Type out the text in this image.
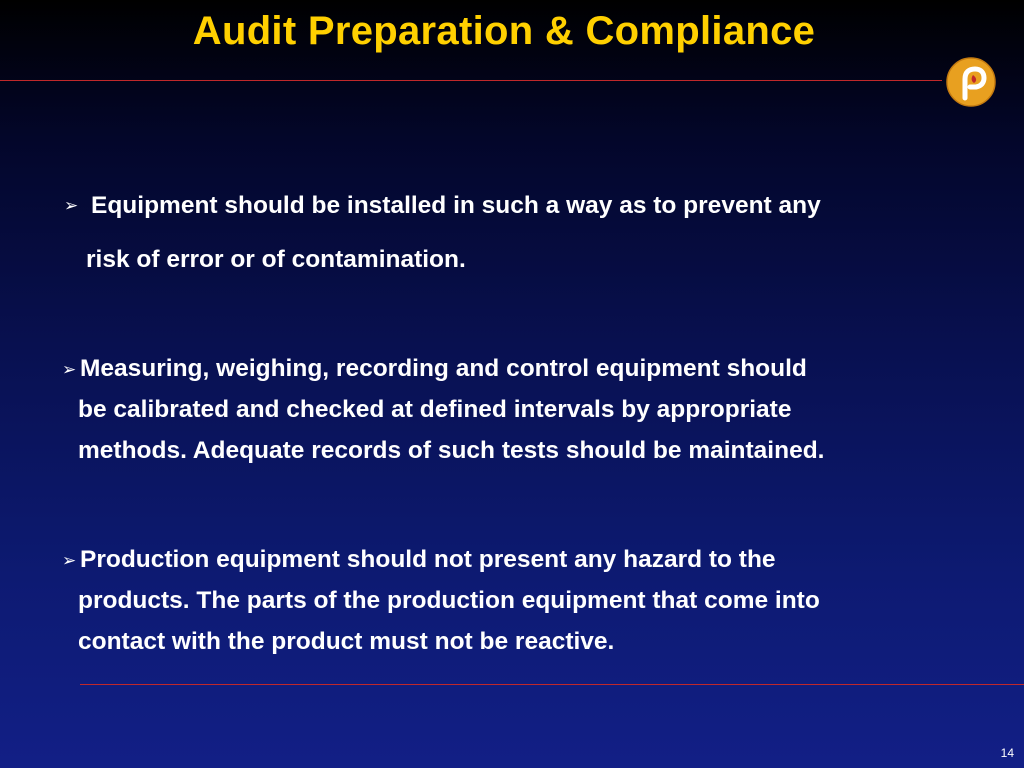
Audit Preparation & Compliance
➢ Equipment should be installed in such a way as to prevent any
risk of error or of contamination.
➢ Measuring, weighing, recording and control equipment should
be calibrated and checked at defined intervals by appropriate
methods. Adequate records of such tests should be maintained.
➢ Production equipment should not present any hazard to the
products. The parts of the production equipment that come into
contact with the product must not be reactive.
14
